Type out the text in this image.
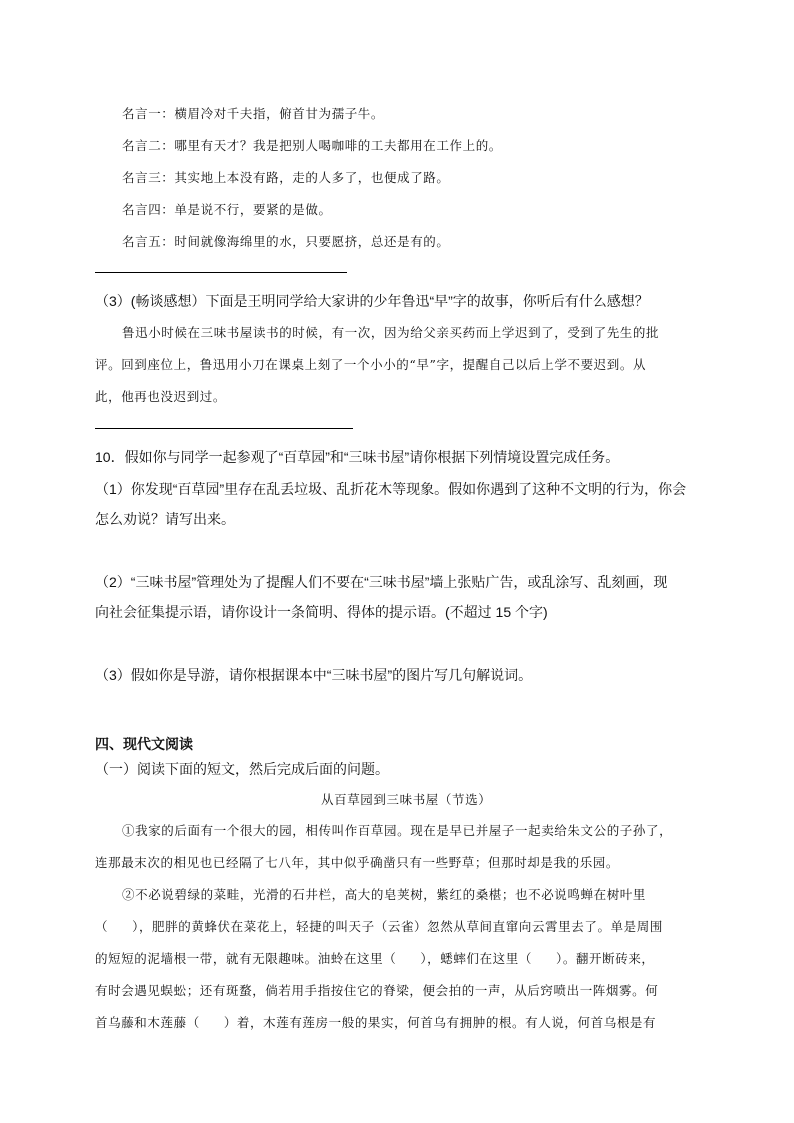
名言一：横眉冷对千夫指，俯首甘为孺子牛。
名言二：哪里有天才？我是把别人喝咖啡的工夫都用在工作上的。
名言三：其实地上本没有路，走的人多了，也便成了路。
名言四：单是说不行，要紧的是做。
名言五：时间就像海绵里的水，只要愿挤，总还是有的。
（3）(畅谈感想）下面是王明同学给大家讲的少年鲁迅“早”字的故事，你听后有什么感想？
鲁迅小时候在三味书屋读书的时候，有一次，因为给父亲买药而上学迟到了，受到了先生的批
评。回到座位上，鲁迅用小刀在课桌上刻了一个小小的“早”字，提醒自己以后上学不要迟到。从
此，他再也没迟到过。
10．假如你与同学一起参观了“百草园”和“三味书屋”请你根据下列情境设置完成任务。
（1）你发现“百草园”里存在乱丢垃圾、乱折花木等现象。假如你遇到了这种不文明的行为，你会
怎么劝说？请写出来。
（2）“三味书屋”管理处为了提醒人们不要在“三味书屋”墙上张贴广告，或乱涂写、乱刻画，现
向社会征集提示语，请你设计一条简明、得体的提示语。(不超过 15 个字)
（3）假如你是导游，请你根据课本中“三味书屋”的图片写几句解说词。
四、现代文阅读
（一）阅读下面的短文，然后完成后面的问题。
从百草园到三味书屋（节选）
①我家的后面有一个很大的园，相传叫作百草园。现在是早已并屋子一起卖给朱文公的子孙了，
连那最末次的相见也已经隔了七八年，其中似乎确凿只有一些野草；但那时却是我的乐园。
②不必说碧绿的菜畦，光滑的石井栏，高大的皂荚树，紫红的桑椹；也不必说鸣蝉在树叶里
（ ），肥胖的黄蜂伏在菜花上，轻捷的叫天子（云雀）忽然从草间直窜向云霄里去了。单是周围
的短短的泥墙根一带，就有无限趣味。油蛉在这里（ ），蟋蟀们在这里（ ）。翻开断砖来，
有时会遇见蜈蚣；还有斑蝥，倘若用手指按住它的脊梁，便会拍的一声，从后窍喷出一阵烟雾。何
首乌藤和木莲藤（ ）着，木莲有莲房一般的果实，何首乌有拥肿的根。有人说，何首乌根是有
